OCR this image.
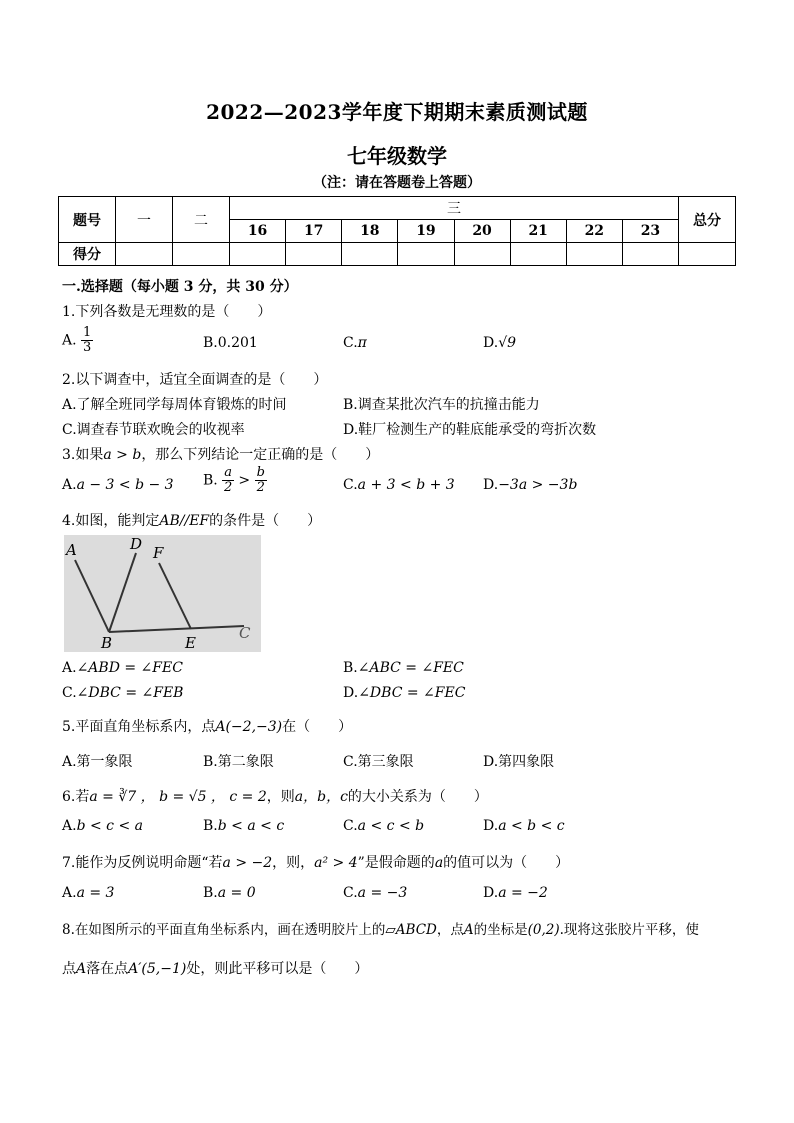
2022—2023学年度下期期末素质测试题
七年级数学
（注：请在答题卷上答题）
题号	一	二	三								总分
			16	17	18	19	20	21	22	23	
得分											
一.选择题（每小题 3 分，共 30 分）
1.下列各数是无理数的是（　　）
A. $\frac{1}{3}$	B.0.201	C.π	D.√9
2.以下调查中，适宜全面调查的是（　　）
A.了解全班同学每周体育锻炼的时间	B.调查某批次汽车的抗撞击能力
C.调查春节联欢晚会的收视率	D.鞋厂检测生产的鞋底能承受的弯折次数
3.如果a > b，那么下列结论一定正确的是（　　）
A.a − 3 < b − 3 B. $\frac{a}{2} > \frac{b}{2}$	C.a + 3 < b + 3 D.−3a > −3b
4.如图，能判定AB//EF的条件是（　　）
A	D F
B	E
C
A.∠ABD = ∠FEC	B.∠ABC = ∠FEC
C.∠DBC = ∠FEB	D.∠DBC = ∠FEC
5.平面直角坐标系内，点A(−2,−3)在（　　）
A.第一象限	B.第二象限	C.第三象限	D.第四象限
6.若a = ∛7 ， b = √5 ， c = 2，则a，b，c的大小关系为（　　）
A.b < c < a	B.b < a < c	C.a < c < b	D.a < b < c
7.能作为反例说明命题“若a > −2，则，a² > 4”是假命题的a的值可以为（　　）
A.a = 3	B.a = 0	C.a = −3	D.a = −2
8.在如图所示的平面直角坐标系内，画在透明胶片上的▱ABCD，点A的坐标是(0,2).现将这张胶片平移，使
点A落在点A′(5,−1)处，则此平移可以是（　　）
